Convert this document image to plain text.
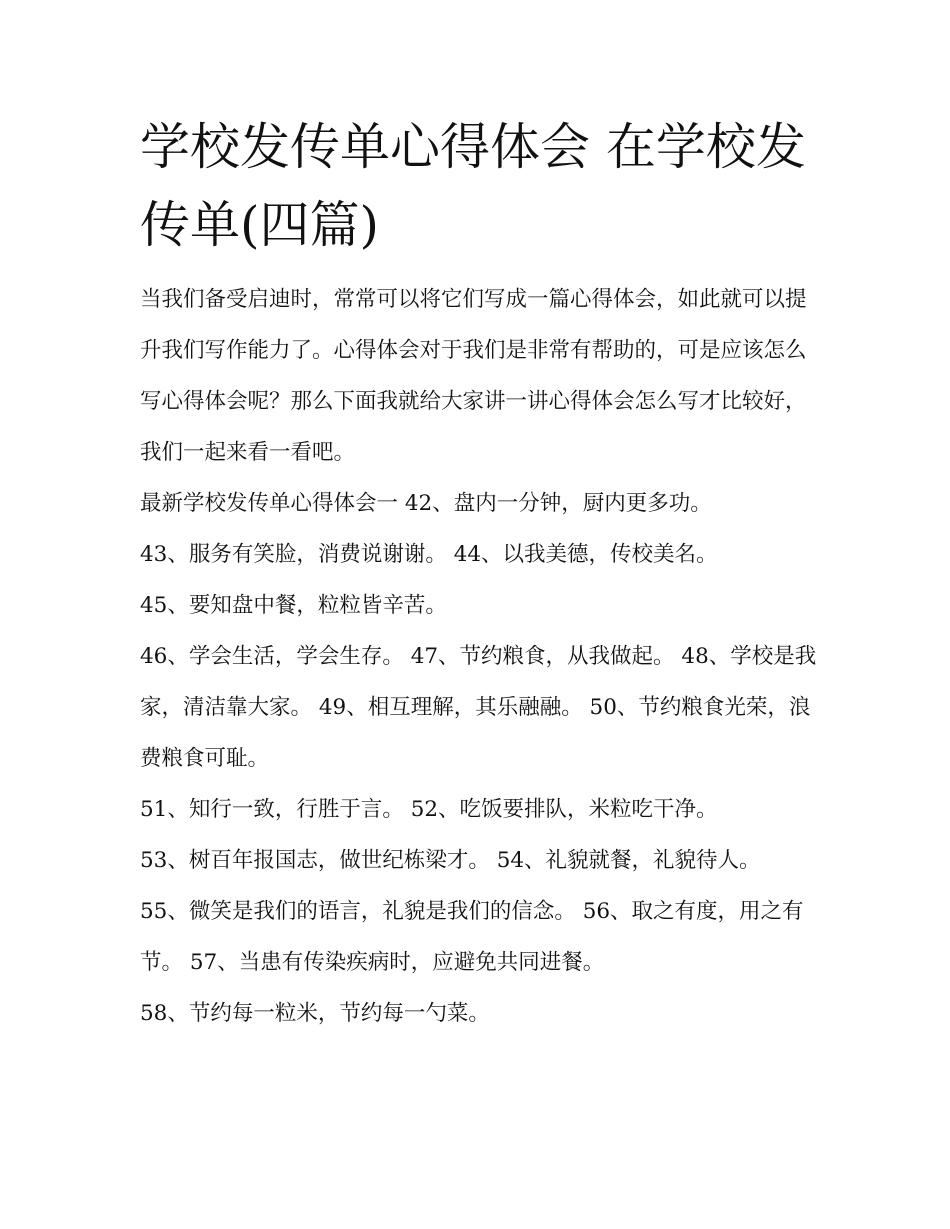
学校发传单心得体会 在学校发传单(四篇)

当我们备受启迪时，常常可以将它们写成一篇心得体会，如此就可以提升我们写作能力了。心得体会对于我们是非常有帮助的，可是应该怎么写心得体会呢？那么下面我就给大家讲一讲心得体会怎么写才比较好，我们一起来看一看吧。

最新学校发传单心得体会一 42、盘内一分钟，厨内更多功。

43、服务有笑脸，消费说谢谢。 44、以我美德，传校美名。

45、要知盘中餐，粒粒皆辛苦。

46、学会生活，学会生存。 47、节约粮食，从我做起。 48、学校是我家，清洁靠大家。 49、相互理解，其乐融融。 50、节约粮食光荣，浪费粮食可耻。

51、知行一致，行胜于言。 52、吃饭要排队，米粒吃干净。

53、树百年报国志，做世纪栋梁才。 54、礼貌就餐，礼貌待人。

55、微笑是我们的语言，礼貌是我们的信念。 56、取之有度，用之有节。 57、当患有传染疾病时，应避免共同进餐。

58、节约每一粒米，节约每一勺菜。
